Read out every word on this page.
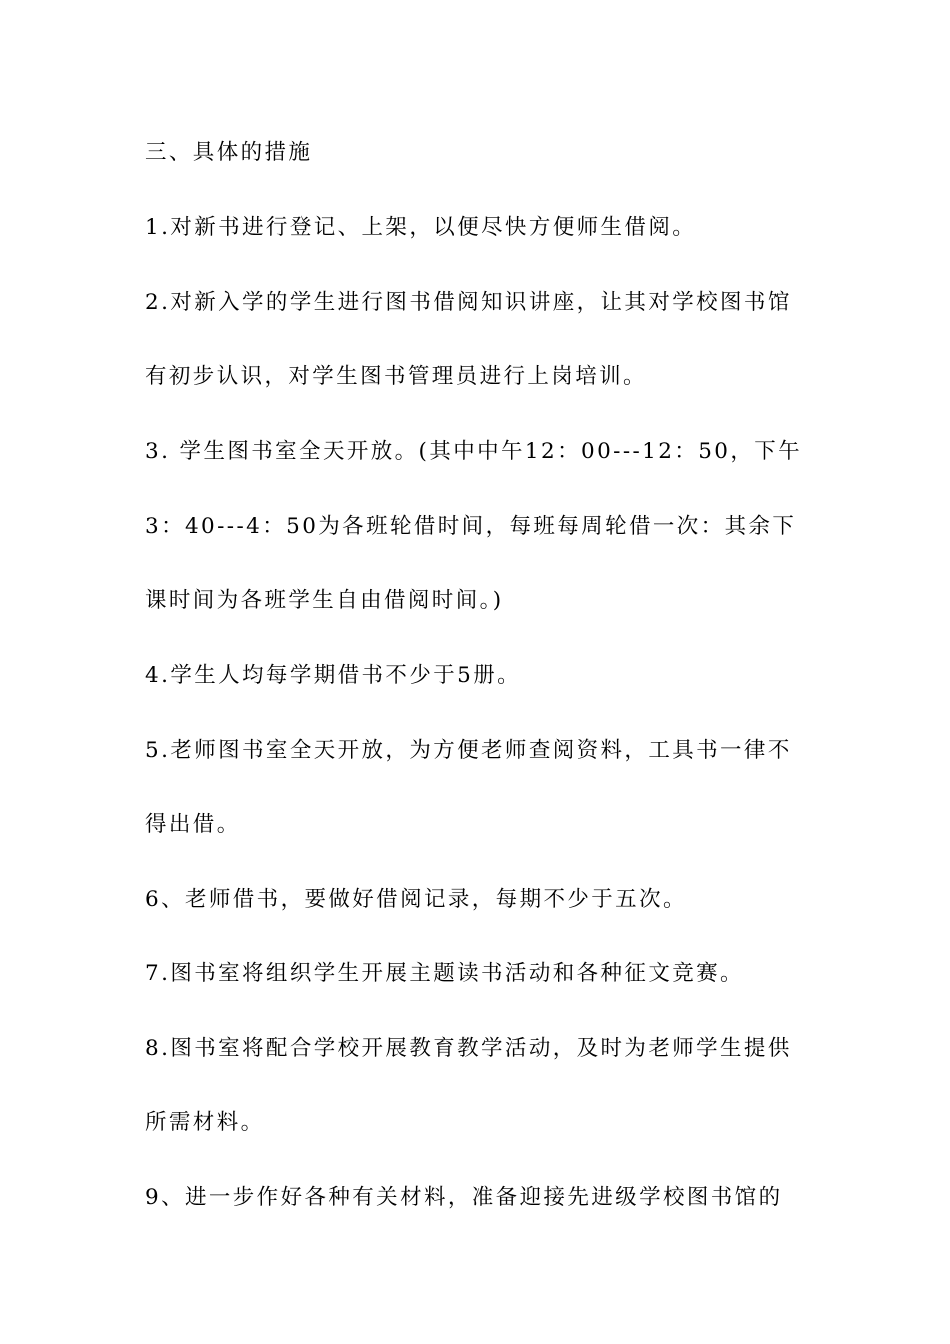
三、具体的措施
1.对新书进行登记、上架，以便尽快方便师生借阅。
2.对新入学的学生进行图书借阅知识讲座，让其对学校图书馆
有初步认识，对学生图书管理员进行上岗培训。
3. 学生图书室全天开放。(其中中午12：00---12：50，下午
3：40---4：50为各班轮借时间，每班每周轮借一次：其余下
课时间为各班学生自由借阅时间。)
4.学生人均每学期借书不少于5册。
5.老师图书室全天开放，为方便老师查阅资料，工具书一律不
得出借。
6、老师借书，要做好借阅记录，每期不少于五次。
7.图书室将组织学生开展主题读书活动和各种征文竞赛。
8.图书室将配合学校开展教育教学活动，及时为老师学生提供
所需材料。
9、进一步作好各种有关材料，准备迎接先进级学校图书馆的
